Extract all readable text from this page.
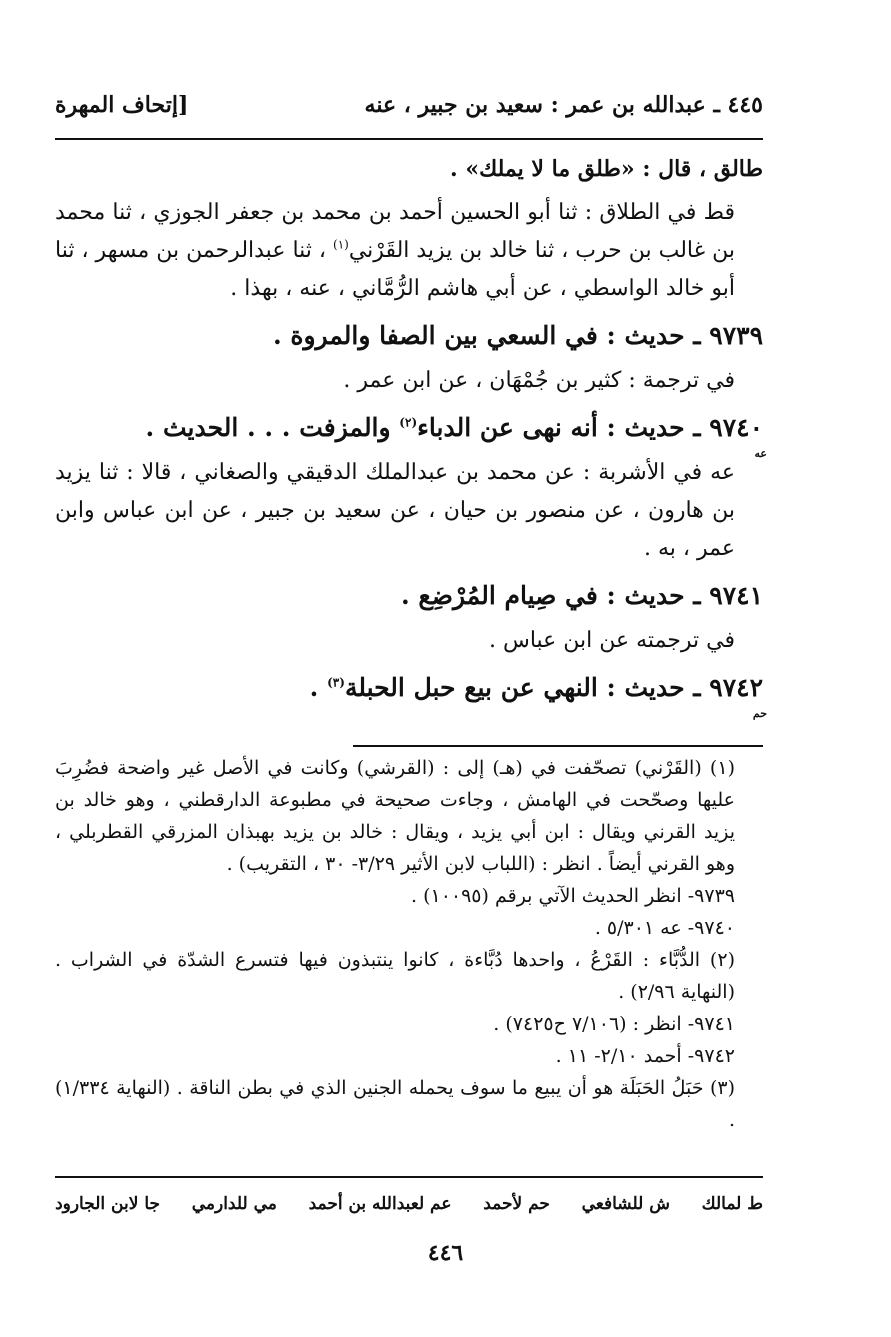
٤٤٥ ـ عبدالله بن عمر : سعيد بن جبير ، عنه
[إتحاف المهرة

طالق ، قال : «طلق ما لا يملك» .

قط في الطلاق : ثنا أبو الحسين أحمد بن محمد بن جعفر الجوزي ، ثنا محمد بن غالب بن حرب ، ثنا خالد بن يزيد القَرْني$^{(١)}$ ، ثنا عبدالرحمن بن مسهر ، ثنا أبو خالد الواسطي ، عن أبي هاشم الرُّمَّاني ، عنه ، بهذا .

٩٧٣٩ ـ حديث : في السعي بين الصفا والمروة .

في ترجمة : كثير بن جُمْهَان ، عن ابن عمر .

٩٧٤٠ ـ حديث : أنه نهى عن الدباء$^{(٢)}$ والمزفت . . . الحديث .
عه

عه في الأشربة : عن محمد بن عبدالملك الدقيقي والصغاني ، قالا : ثنا يزيد بن هارون ، عن منصور بن حيان ، عن سعيد بن جبير ، عن ابن عباس وابن عمر ، به .

٩٧٤١ ـ حديث : في صِيام المُرْضِع .

في ترجمته عن ابن عباس .

٩٧٤٢ ـ حديث : النهي عن بيع حبل الحبلة$^{(٣)}$ .
حم

(١) (القَرْني) تصحّفت في (هـ) إلى : (القرشي) وكانت في الأصل غير واضحة فضُرِبَ عليها وصحّحت في الهامش ، وجاءت صحيحة في مطبوعة الدارقطني ، وهو خالد بن يزيد القرني ويقال : ابن أبي يزيد ، ويقال : خالد بن يزيد بهبذان المزرقي القطربلي ، وهو القرني أيضاً . انظر : (اللباب لابن الأثير ٣/٢٩- ٣٠ ، التقريب) .

٩٧٣٩- انظر الحديث الآتي برقم (١٠٠٩٥) .

٩٧٤٠- عه ٥/٣٠١ .

(٢) الدُّبَّاء : القَرْعُ ، واحدها دُبَّاءة ، كانوا ينتبذون فيها فتسرع الشدّة في الشراب . (النهاية ٢/٩٦) .

٩٧٤١- انظر : (٧/١٠٦ ح٧٤٢٥) .

٩٧٤٢- أحمد ٢/١٠- ١١ .

(٣) حَبَلُ الحَبَلَة هو أن يبيع ما سوف يحمله الجنين الذي في بطن الناقة . (النهاية ١/٣٣٤) .

ط لمالك
ش للشافعي
حم لأحمد
عم لعبدالله بن أحمد
مي للدارمي
جا لابن الجارود
٤٤٦
